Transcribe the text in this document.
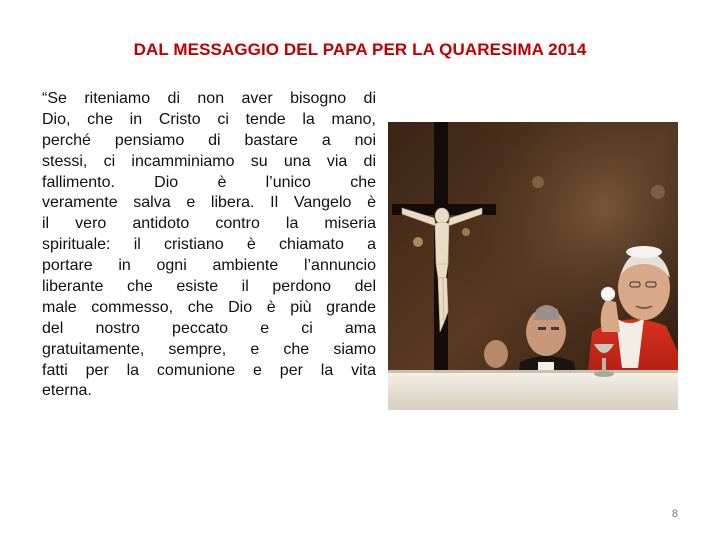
DAL MESSAGGIO DEL PAPA PER LA QUARESIMA 2014
“Se riteniamo di non aver bisogno di
Dio, che in Cristo ci tende la mano,
perché pensiamo di bastare a noi
stessi, ci incamminiamo su una via di
fallimento. Dio è l’unico che
veramente salva e libera. Il Vangelo è
il vero antidoto contro la miseria
spirituale: il cristiano è chiamato a
portare in ogni ambiente l’annuncio
liberante che esiste il perdono del
male commesso, che Dio è più grande
del nostro peccato e ci ama
gratuitamente, sempre, e che siamo
fatti per la comunione e per la vita
eterna.
8
